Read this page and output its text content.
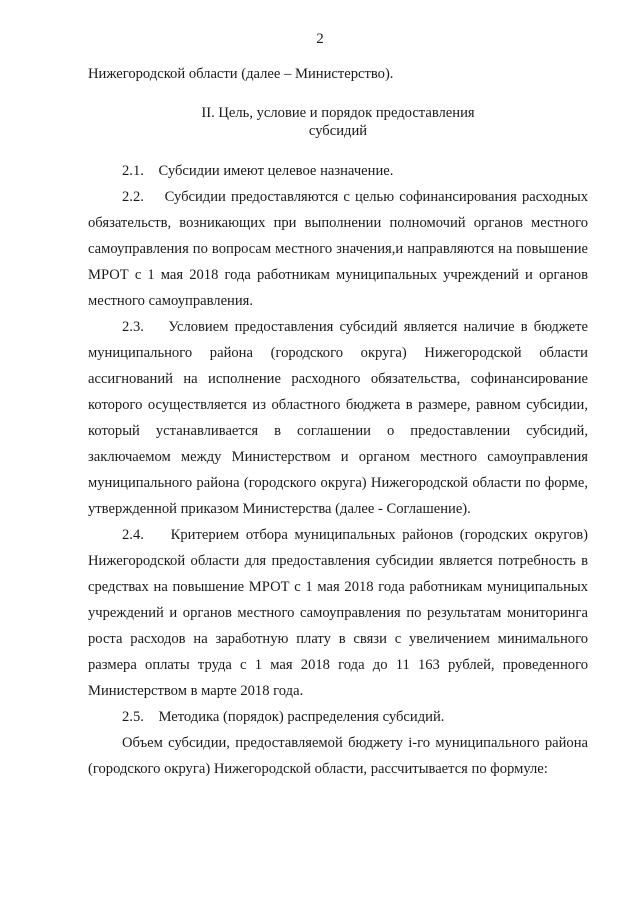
2

Нижегородской области (далее – Министерство).

II. Цель, условие и порядок предоставления
субсидий

2.1. Субсидии имеют целевое назначение.

2.2. Субсидии предоставляются с целью софинансирования расходных обязательств, возникающих при выполнении полномочий органов местного самоуправления по вопросам местного значения,и направляются на повышение МРОТ с 1 мая 2018 года работникам муниципальных учреждений и органов местного самоуправления.

2.3. Условием предоставления субсидий является наличие в бюджете муниципального района (городского округа) Нижегородской области ассигнований на исполнение расходного обязательства, софинансирование которого осуществляется из областного бюджета в размере, равном субсидии, который устанавливается в соглашении о предоставлении субсидий, заключаемом между Министерством и органом местного самоуправления муниципального района (городского округа) Нижегородской области по форме, утвержденной приказом Министерства (далее - Соглашение).

2.4. Критерием отбора муниципальных районов (городских округов) Нижегородской области для предоставления субсидии является потребность в средствах на повышение МРОТ с 1 мая 2018 года работникам муниципальных учреждений и органов местного самоуправления по результатам мониторинга роста расходов на заработную плату в связи с увеличением минимального размера оплаты труда с 1 мая 2018 года до 11 163 рублей, проведенного Министерством в марте 2018 года.

2.5. Методика (порядок) распределения субсидий.

Объем субсидии, предоставляемой бюджету i-го муниципального района (городского округа) Нижегородской области, рассчитывается по формуле:
